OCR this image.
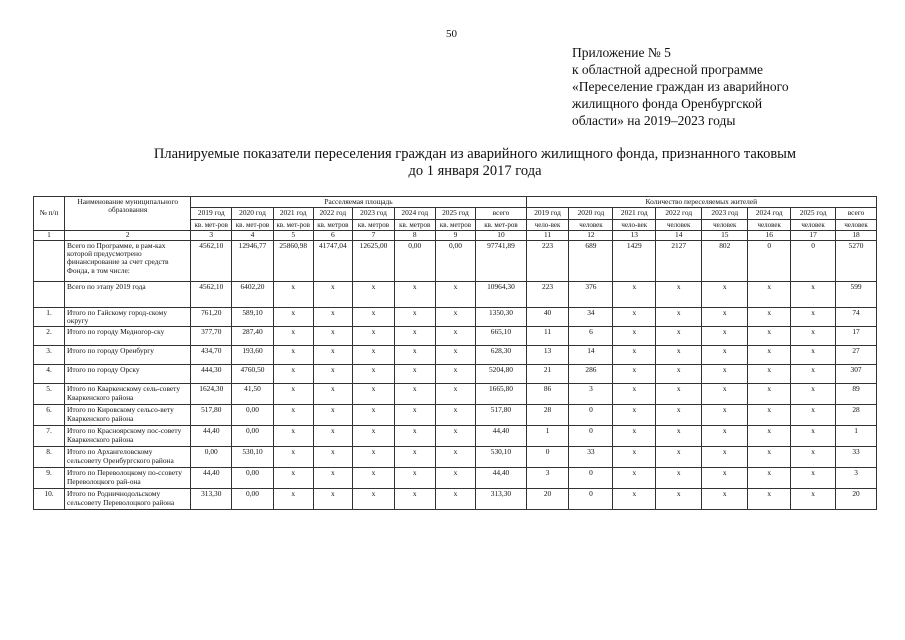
50
Приложение № 5
к областной адресной программе
«Переселение граждан из аварийного
жилищного фонда Оренбургской
области» на 2019–2023 годы
Планируемые показатели переселения граждан из аварийного жилищного фонда, признанного таковым
до 1 января 2017 года
№ п/п	Наименование муниципального образования	Расселяемая площадь								Количество переселяемых жителей							
		2019 год	2020 год	2021 год	2022 год	2023 год	2024 год	2025 год	всего	2019 год	2020 год	2021 год	2022 год	2023 год	2024 год	2025 год	всего
		кв. мет-ров	кв. мет-ров	кв. мет-ров	кв. метров	кв. метров	кв. метров	кв. метров	кв. мет-ров	чело-век	человек	чело-век	человек	человек	человек	человек	человек
1	2	3	4	5	6	7	8	9	10	11	12	13	14	15	16	17	18
	Всего по Программе, в рам-ках которой предусмотрено финансирование за счет средств Фонда, в том числе:	4562,10	12946,77	25860,98	41747,04	12625,00	0,00	0,00	97741,89	223	689	1429	2127	802	0	0	5270
	Всего по этапу 2019 года	4562,10	6402,20	x	x	x	x	x	10964,30	223	376	x	x	x	x	x	599
1.	Итого по Гайскому город-скому округу	761,20	589,10	x	x	x	x	x	1350,30	40	34	x	x	x	x	x	74
2.	Итого по городу Медногор-ску	377,70	287,40	x	x	x	x	x	665,10	11	6	x	x	x	x	x	17
3.	Итого по городу Оренбургу	434,70	193,60	x	x	x	x	x	628,30	13	14	x	x	x	x	x	27
4.	Итого по городу Орску	444,30	4760,50	x	x	x	x	x	5204,80	21	286	x	x	x	x	x	307
5.	Итого по Кваркенскому сель-совету Кваркенского района	1624,30	41,50	x	x	x	x	x	1665,80	86	3	x	x	x	x	x	89
6.	Итого по Кировскому сельсо-вету Кваркенского района	517,80	0,00	x	x	x	x	x	517,80	28	0	x	x	x	x	x	28
7.	Итого по Красноярскому пос-совету Кваркенского района	44,40	0,00	x	x	x	x	x	44,40	1	0	x	x	x	x	x	1
8.	Итого по Архангеловскому сельсовету Оренбургского района	0,00	530,10	x	x	x	x	x	530,10	0	33	x	x	x	x	x	33
9.	Итого по Переволоцкому по-ссовету Переволоцкого рай-она	44,40	0,00	x	x	x	x	x	44,40	3	0	x	x	x	x	x	3
10.	Итого по Родничнодольскому сельсовету Переволоцкого района	313,30	0,00	x	x	x	x	x	313,30	20	0	x	x	x	x	x	20
